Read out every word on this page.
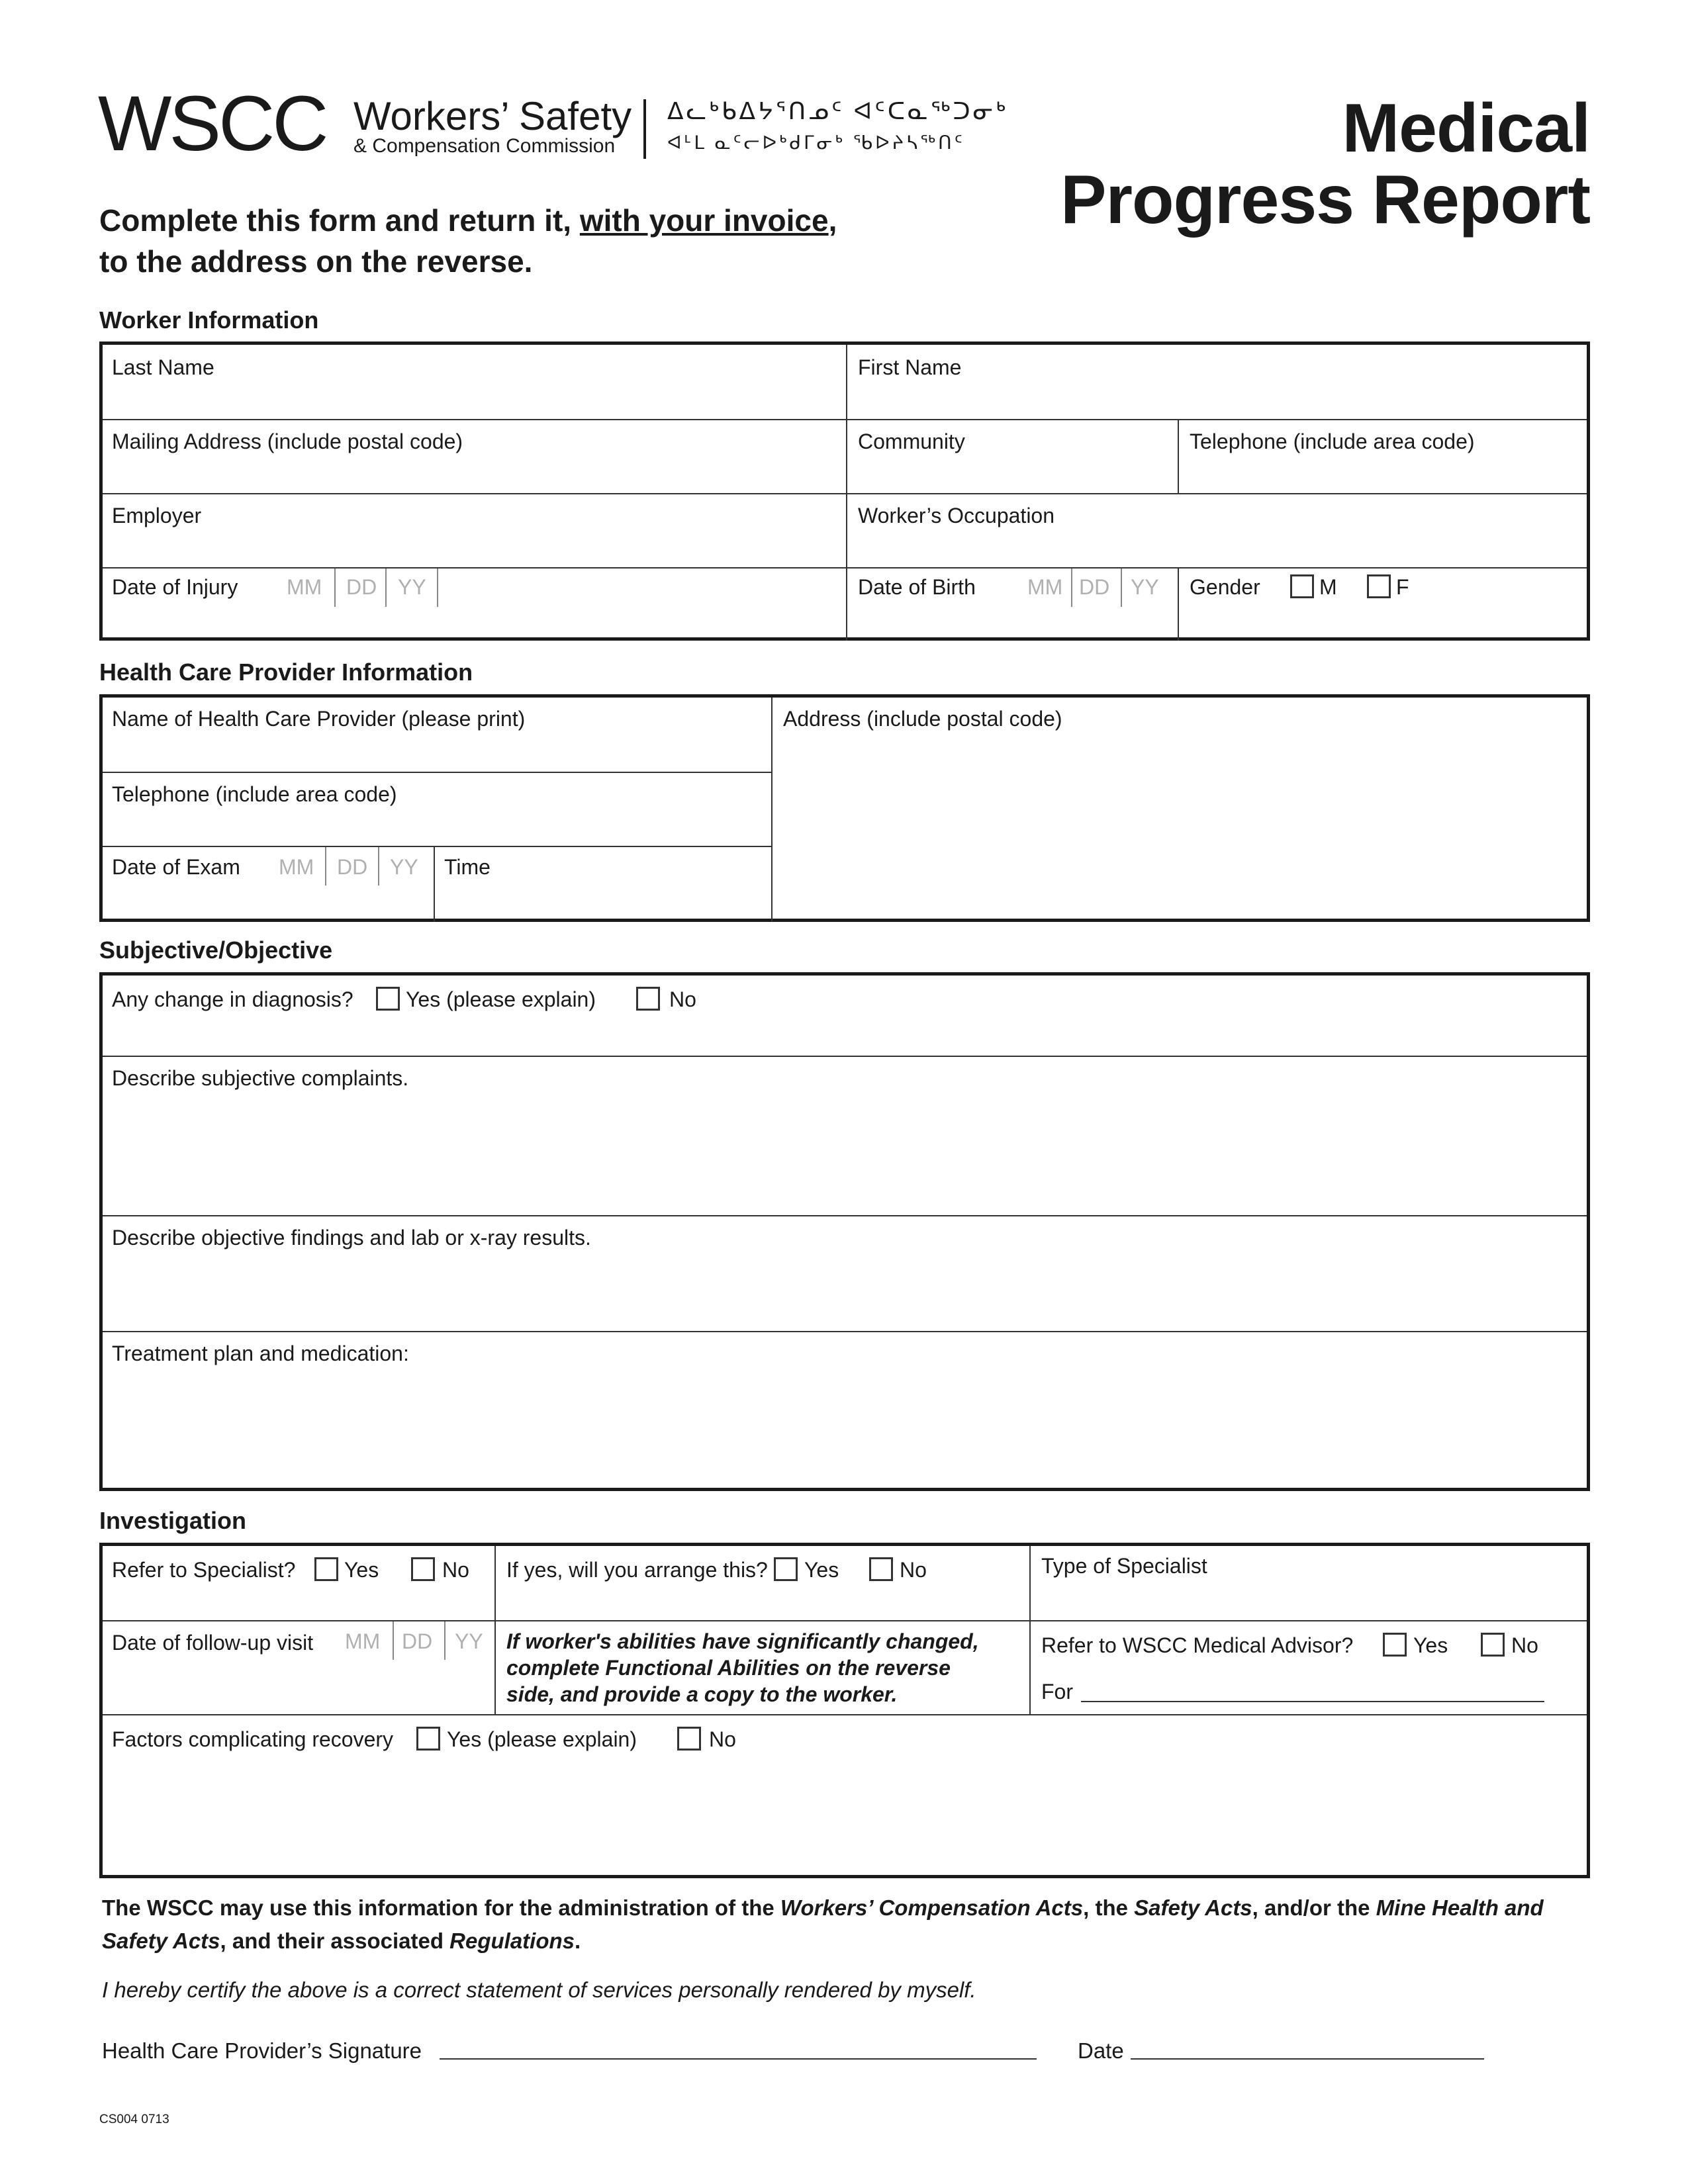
WSCC Workers’ Safety
& Compensation Commission
ᐃᓚᒃᑲᐃᔭᕐᑎᓄᑦ ᐊᑦᑕᓇᖅᑐᓂᒃ
ᐊᒻᒪ ᓇᑦᓕᐅᒃᑯᒥᓂᒃ ᖃᐅᔨᓴᖅᑎᑦ	Medical
Progress Report
Complete this form and return it, with your invoice,
to the address on the reverse.
Worker Information
Last Name	First Name
Mailing Address (include postal code)	Community	Telephone (include area code)
Employer	Worker’s Occupation
Date of Injury MM DD YY	Date of Birth MM DD YY Gender	M	F
Health Care Provider Information
Name of Health Care Provider (please print)	Address (include postal code)
Telephone (include area code)
Date of Exam MM DD YY Time
Subjective/Objective
Any change in diagnosis? Yes (please explain)	No
Describe subjective complaints.
Describe objective findings and lab or x-ray results.
Treatment plan and medication:
Investigation
Refer to Specialist? Yes	No If yes, will you arrange this? Yes	No	Type of Specialist
Date of follow-up visit MM DD YY If worker's abilities have significantly changed,
complete Functional Abilities on the reverse
side, and provide a copy to the worker.
Refer to WSCC Medical Advisor?	Yes	No
For
Factors complicating recovery	Yes (please explain)	No
The WSCC may use this information for the administration of the Workers’ Compensation Acts, the Safety Acts, and/or the Mine Health and Safety Acts, and their associated Regulations.
I hereby certify the above is a correct statement of services personally rendered by myself.
Health Care Provider’s Signature	Date
CS004 0713
